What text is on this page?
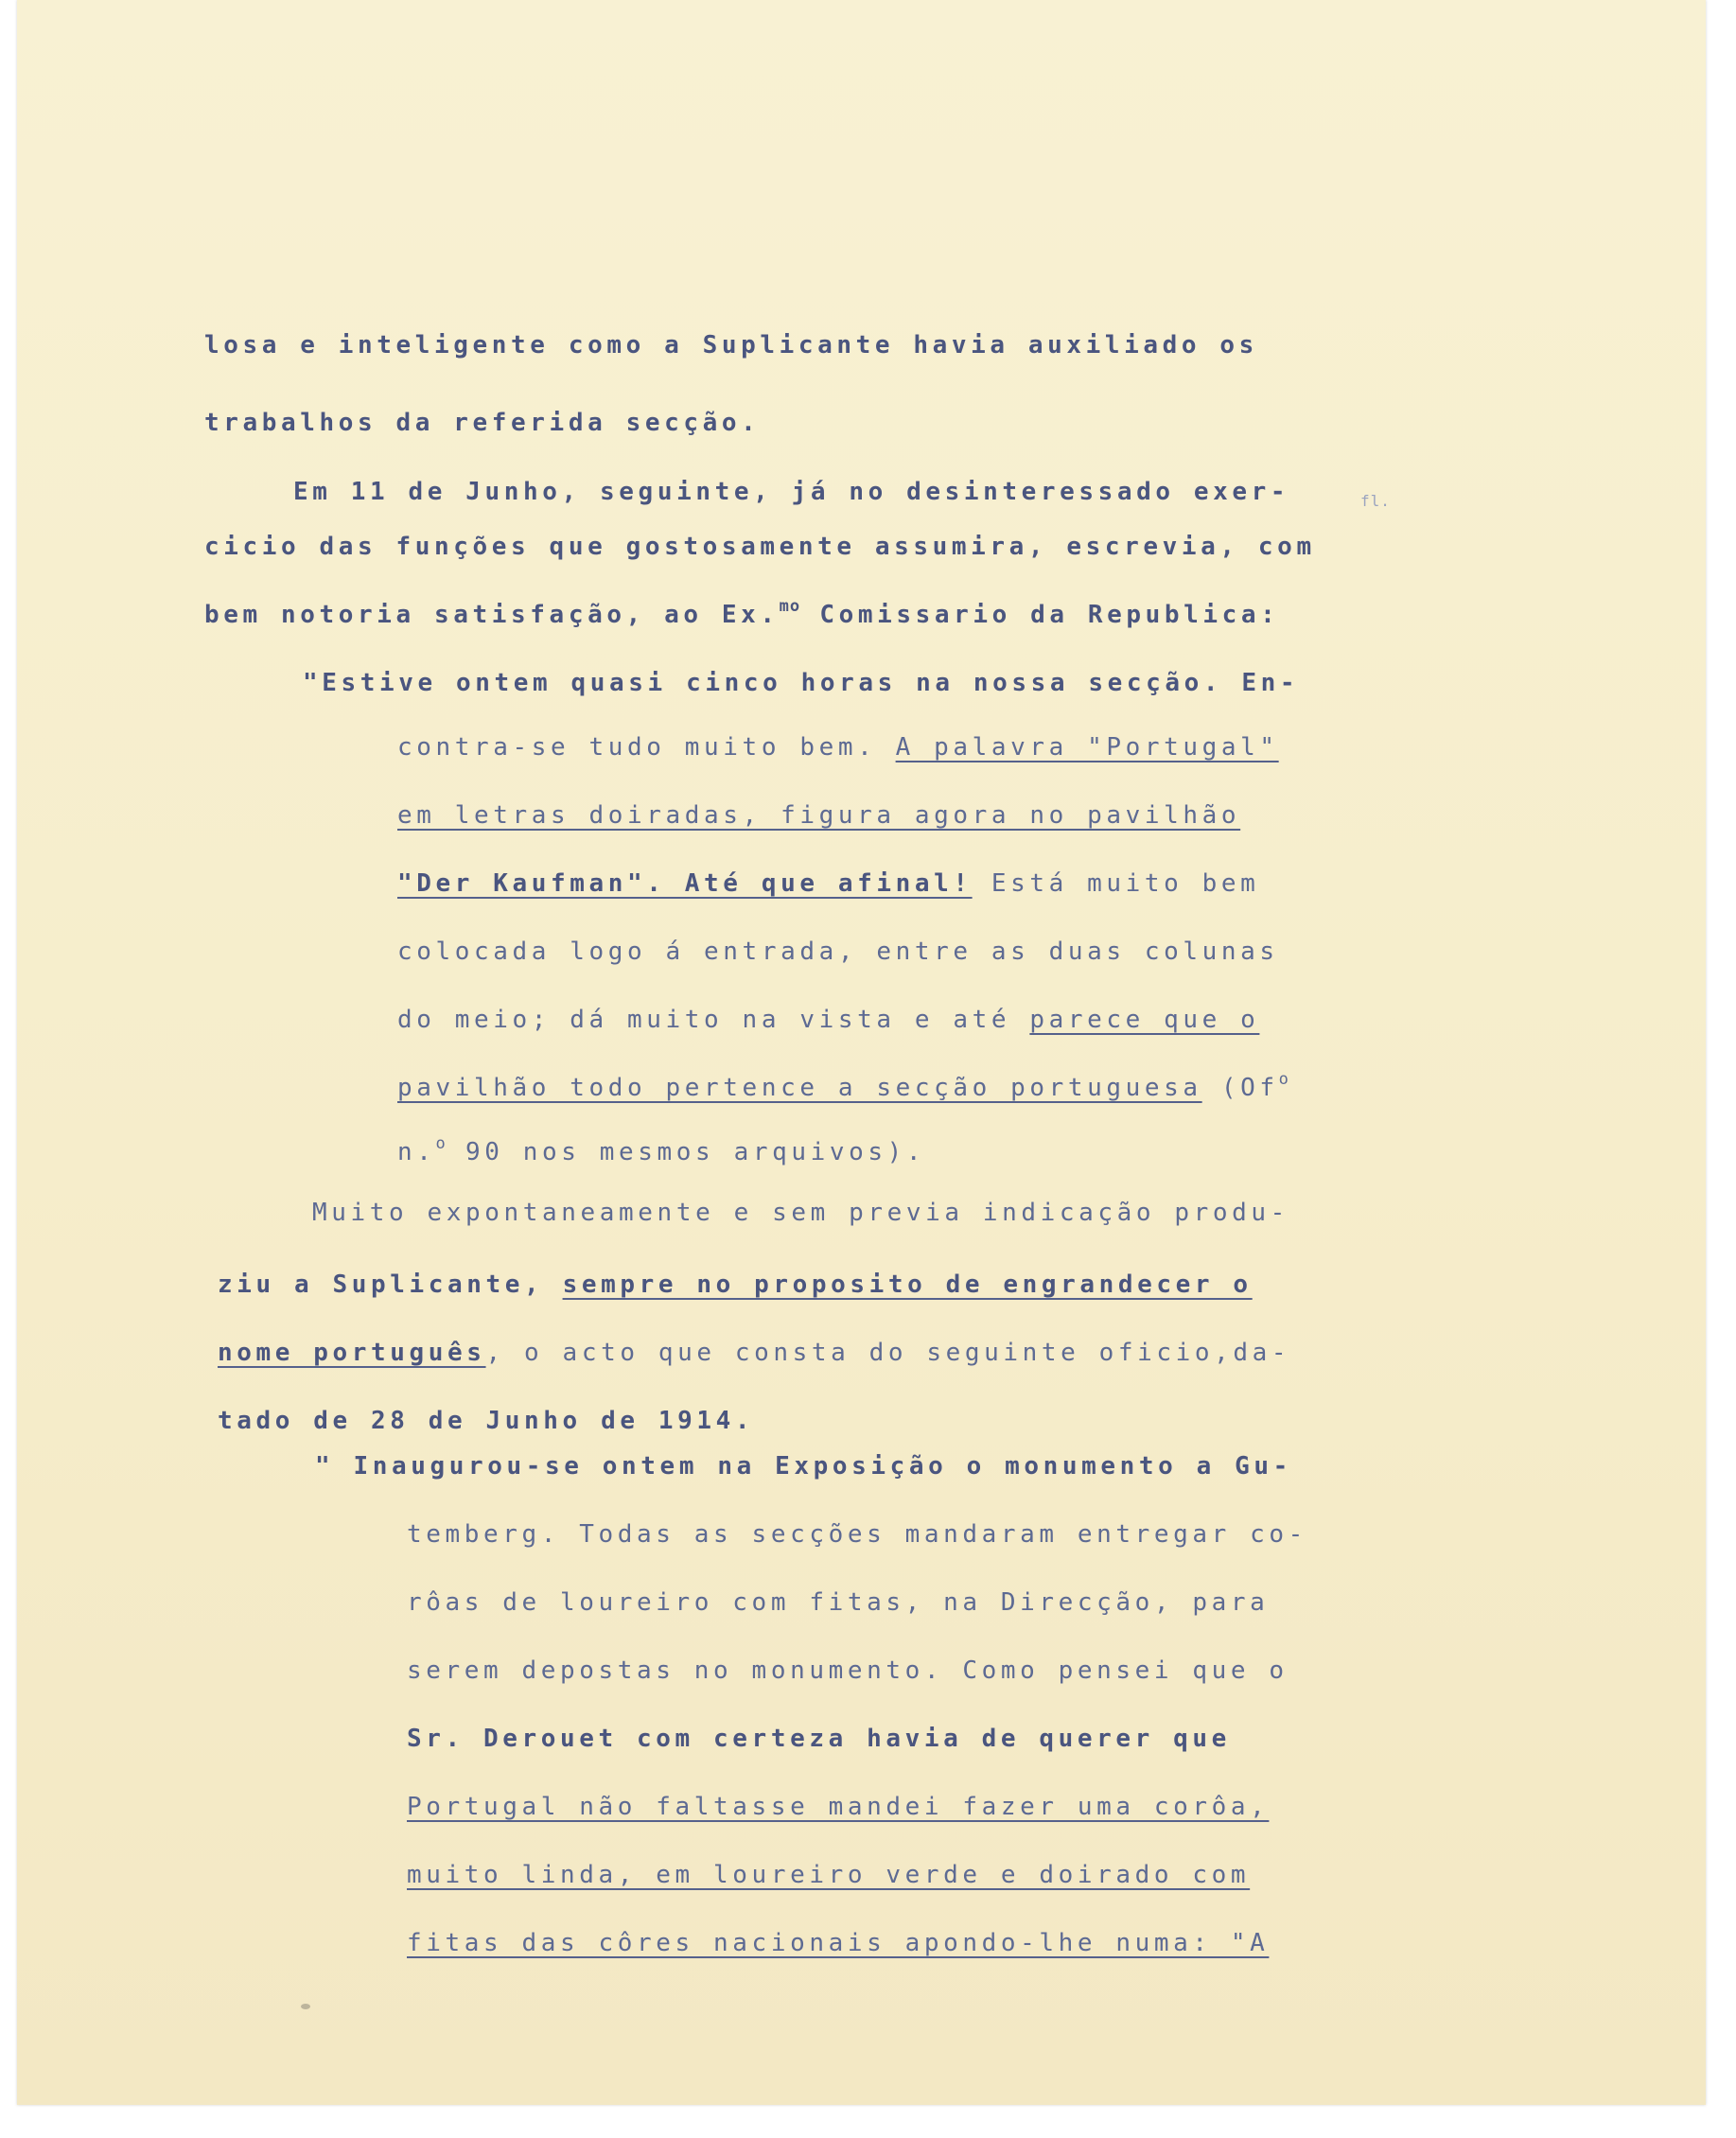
losa e inteligente como a Suplicante havia auxiliado os

trabalhos da referida secção.

Em 11 de Junho, seguinte, já no desinteressado exer-

cicio das funções que gostosamente assumira, escrevia, com

bem notoria satisfação, ao Ex.$^{mo}$ Comissario da Republica:

"Estive ontem quasi cinco horas na nossa secção. En-

contra-se tudo muito bem. A palavra "Portugal"

em letras doiradas, figura agora no pavilhão

"Der Kaufman". Até que afinal! Está muito bem

colocada logo á entrada, entre as duas colunas

do meio; dá muito na vista e até parece que o

pavilhão todo pertence a secção portuguesa (Of$^o$

n.$^o$ 90 nos mesmos arquivos).

Muito expontaneamente e sem previa indicação produ-

ziu a Suplicante, sempre no proposito de engrandecer o

nome português, o acto que consta do seguinte oficio,da-

tado de 28 de Junho de 1914.

" Inaugurou-se ontem na Exposição o monumento a Gu-

temberg. Todas as secções mandaram entregar co-

rôas de loureiro com fitas, na Direcção, para

serem depostas no monumento. Como pensei que o

Sr. Derouet com certeza havia de querer que

Portugal não faltasse mandei fazer uma corôa,

muito linda, em loureiro verde e doirado com

fitas das côres nacionais apondo-lhe numa: "A

fl.
